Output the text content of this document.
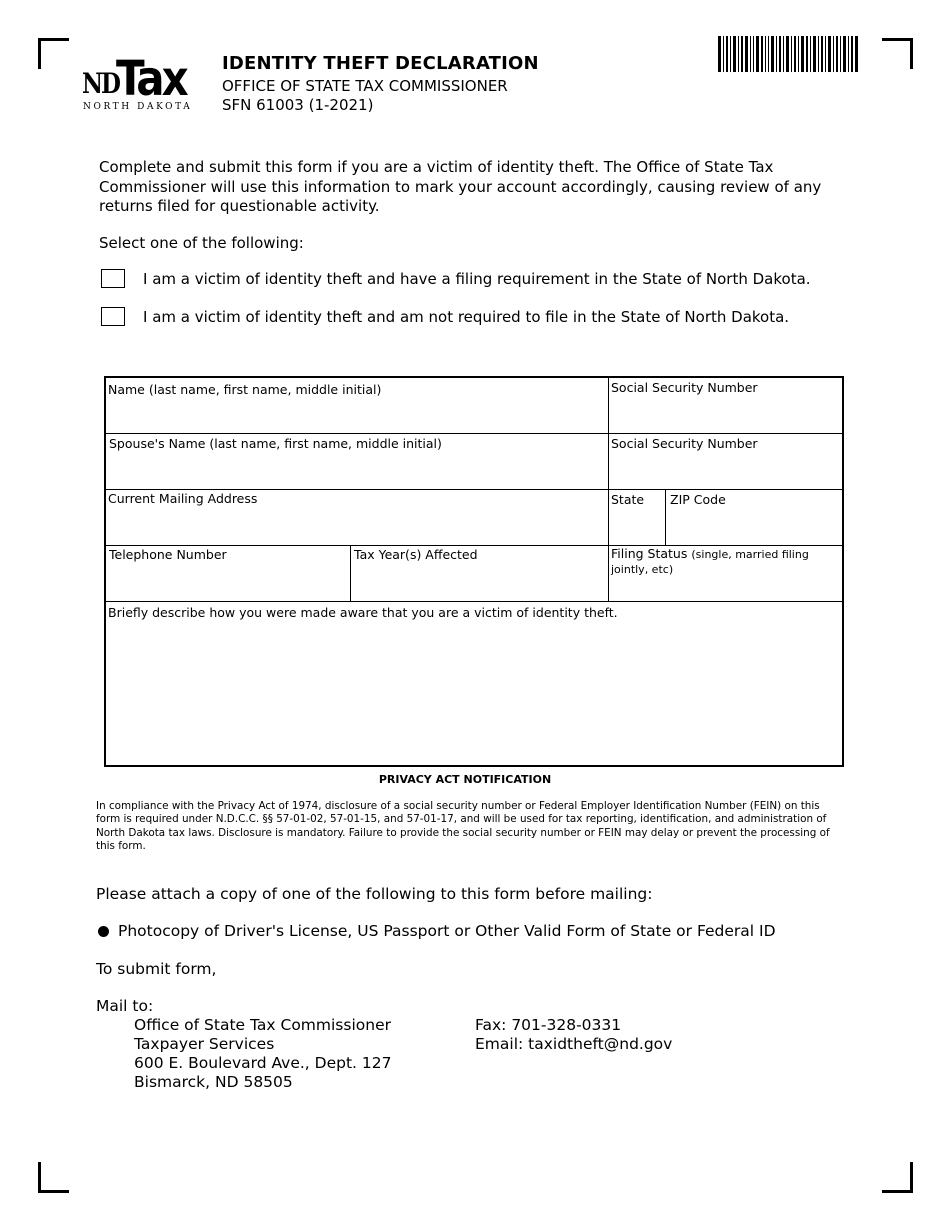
ND
Tax
NORTH DAKOTA
IDENTITY THEFT DECLARATION
OFFICE OF STATE TAX COMMISSIONER
SFN 61003 (1-2021)
Complete and submit this form if you are a victim of identity theft. The Office of State Tax Commissioner will use this information to mark your account accordingly, causing review of any returns filed for questionable activity.
Select one of the following:
I am a victim of identity theft and have a filing requirement in the State of North Dakota.
I am a victim of identity theft and am not required to file in the State of North Dakota.
Name (last name, first name, middle initial)	Social Security Number
Spouse's Name (last name, first name, middle initial)	Social Security Number
Current Mailing Address	State ZIP Code
Telephone Number	Tax Year(s) Affected	Filing Status (single, married filing jointly, etc)
Briefly describe how you were made aware that you are a victim of identity theft.
PRIVACY ACT NOTIFICATION
In compliance with the Privacy Act of 1974, disclosure of a social security number or Federal Employer Identification Number (FEIN) on this form is required under N.D.C.C. §§ 57-01-02, 57-01-15, and 57-01-17, and will be used for tax reporting, identification, and administration of North Dakota tax laws. Disclosure is mandatory. Failure to provide the social security number or FEIN may delay or prevent the processing of this form.
Please attach a copy of one of the following to this form before mailing:
Photocopy of Driver's License, US Passport or Other Valid Form of State or Federal ID
To submit form,
Mail to:
Office of State Tax Commissioner
Taxpayer Services
600 E. Boulevard Ave., Dept. 127
Bismarck, ND 58505
Fax: 701-328-0331
Email: taxidtheft@nd.gov
